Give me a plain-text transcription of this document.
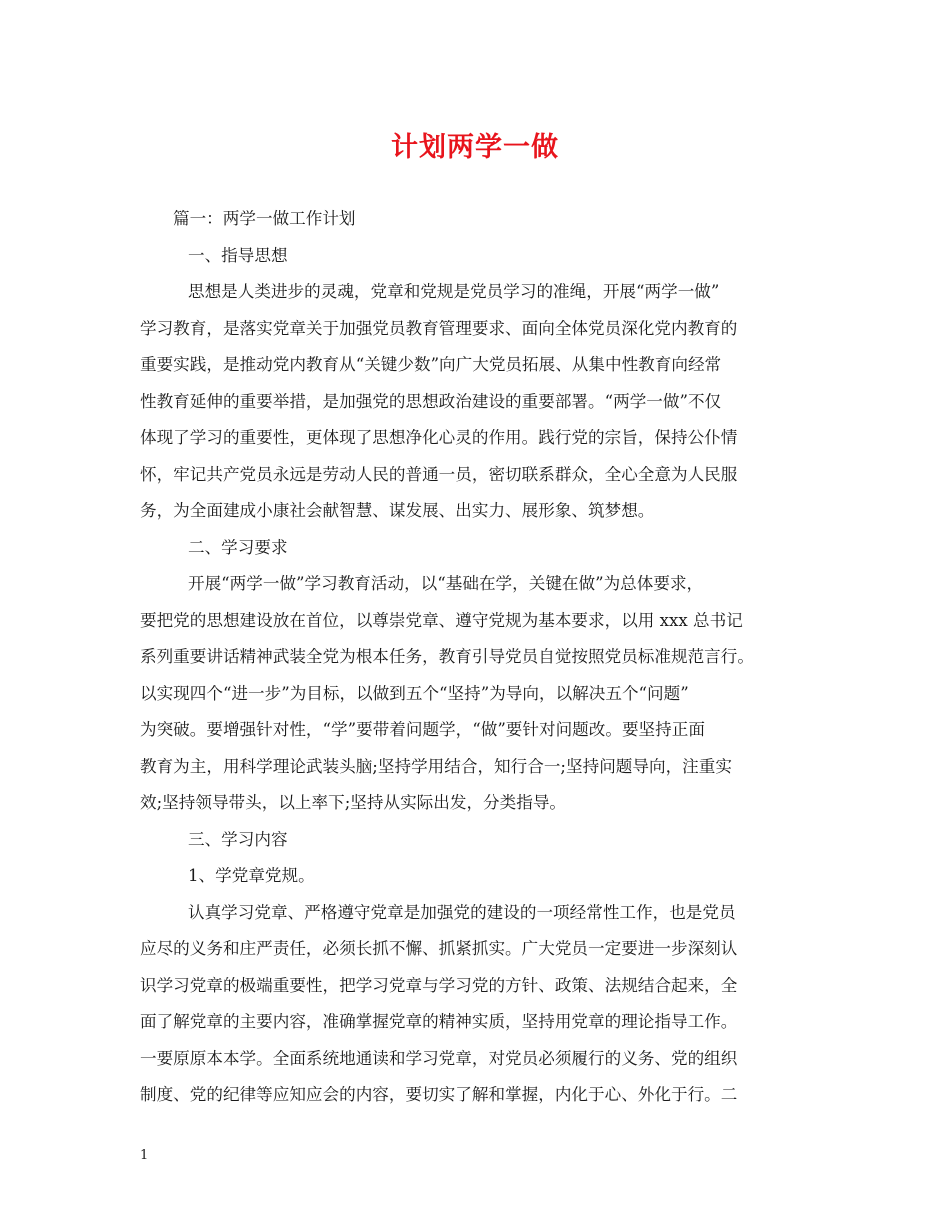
计划两学一做
篇一：两学一做工作计划
一、指导思想
思想是人类进步的灵魂，党章和党规是党员学习的准绳，开展“两学一做”
学习教育，是落实党章关于加强党员教育管理要求、面向全体党员深化党内教育的
重要实践，是推动党内教育从“关键少数”向广大党员拓展、从集中性教育向经常
性教育延伸的重要举措，是加强党的思想政治建设的重要部署。“两学一做”不仅
体现了学习的重要性，更体现了思想净化心灵的作用。践行党的宗旨，保持公仆情
怀，牢记共产党员永远是劳动人民的普通一员，密切联系群众，全心全意为人民服
务，为全面建成小康社会献智慧、谋发展、出实力、展形象、筑梦想。
二、学习要求
开展“两学一做”学习教育活动，以“基础在学，关键在做”为总体要求，
要把党的思想建设放在首位，以尊崇党章、遵守党规为基本要求，以用 xxx 总书记
系列重要讲话精神武装全党为根本任务，教育引导党员自觉按照党员标准规范言行。
以实现四个“进一步”为目标，以做到五个“坚持”为导向，以解决五个“问题”
为突破。要增强针对性，“学”要带着问题学，“做”要针对问题改。要坚持正面
教育为主，用科学理论武装头脑;坚持学用结合，知行合一;坚持问题导向，注重实
效;坚持领导带头，以上率下;坚持从实际出发，分类指导。
三、学习内容
1、学党章党规。
认真学习党章、严格遵守党章是加强党的建设的一项经常性工作，也是党员
应尽的义务和庄严责任，必须长抓不懈、抓紧抓实。广大党员一定要进一步深刻认
识学习党章的极端重要性，把学习党章与学习党的方针、政策、法规结合起来，全
面了解党章的主要内容，准确掌握党章的精神实质，坚持用党章的理论指导工作。
一要原原本本学。全面系统地通读和学习党章，对党员必须履行的义务、党的组织
制度、党的纪律等应知应会的内容，要切实了解和掌握，内化于心、外化于行。二
1
